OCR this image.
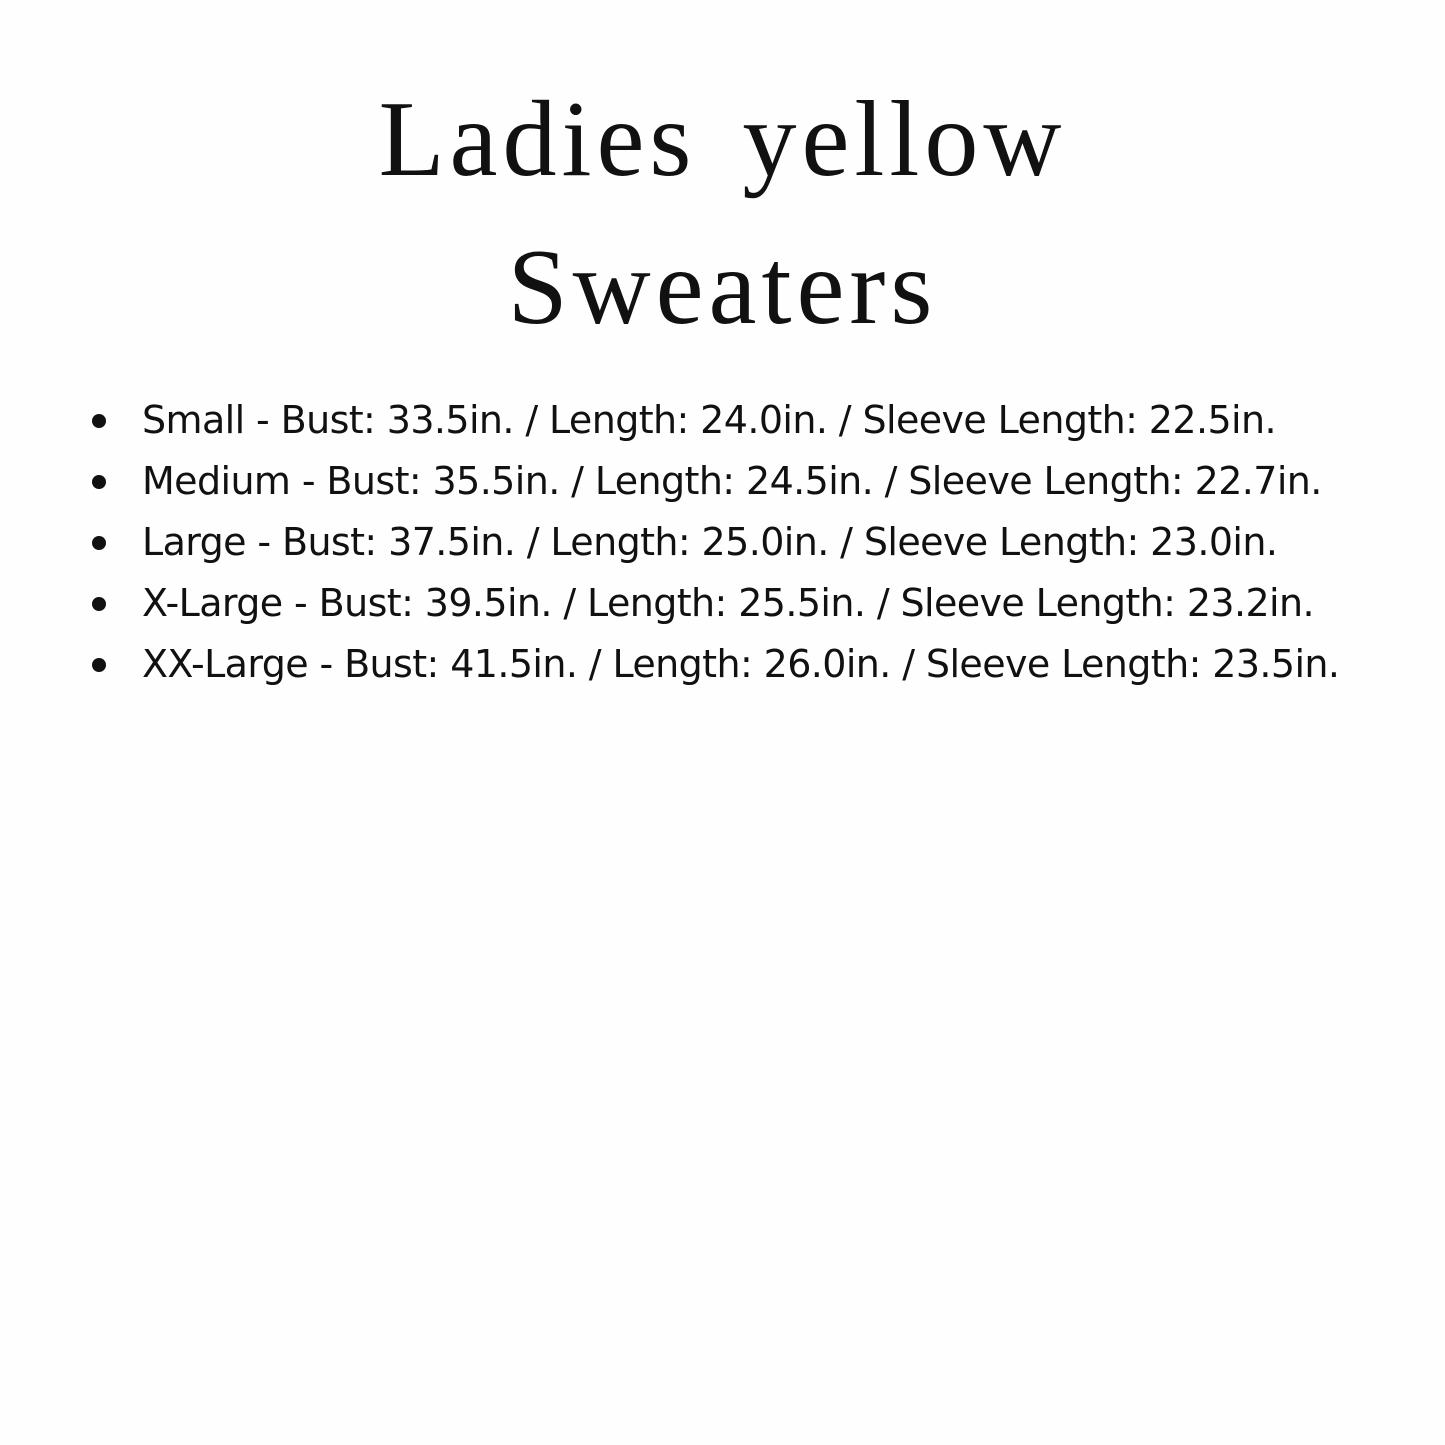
Ladies yellow
Sweaters
Small - Bust: 33.5in. / Length: 24.0in. / Sleeve Length: 22.5in.
Medium - Bust: 35.5in. / Length: 24.5in. / Sleeve Length: 22.7in.
Large - Bust: 37.5in. / Length: 25.0in. / Sleeve Length: 23.0in.
X-Large - Bust: 39.5in. / Length: 25.5in. / Sleeve Length: 23.2in.
XX-Large - Bust: 41.5in. / Length: 26.0in. / Sleeve Length: 23.5in.
